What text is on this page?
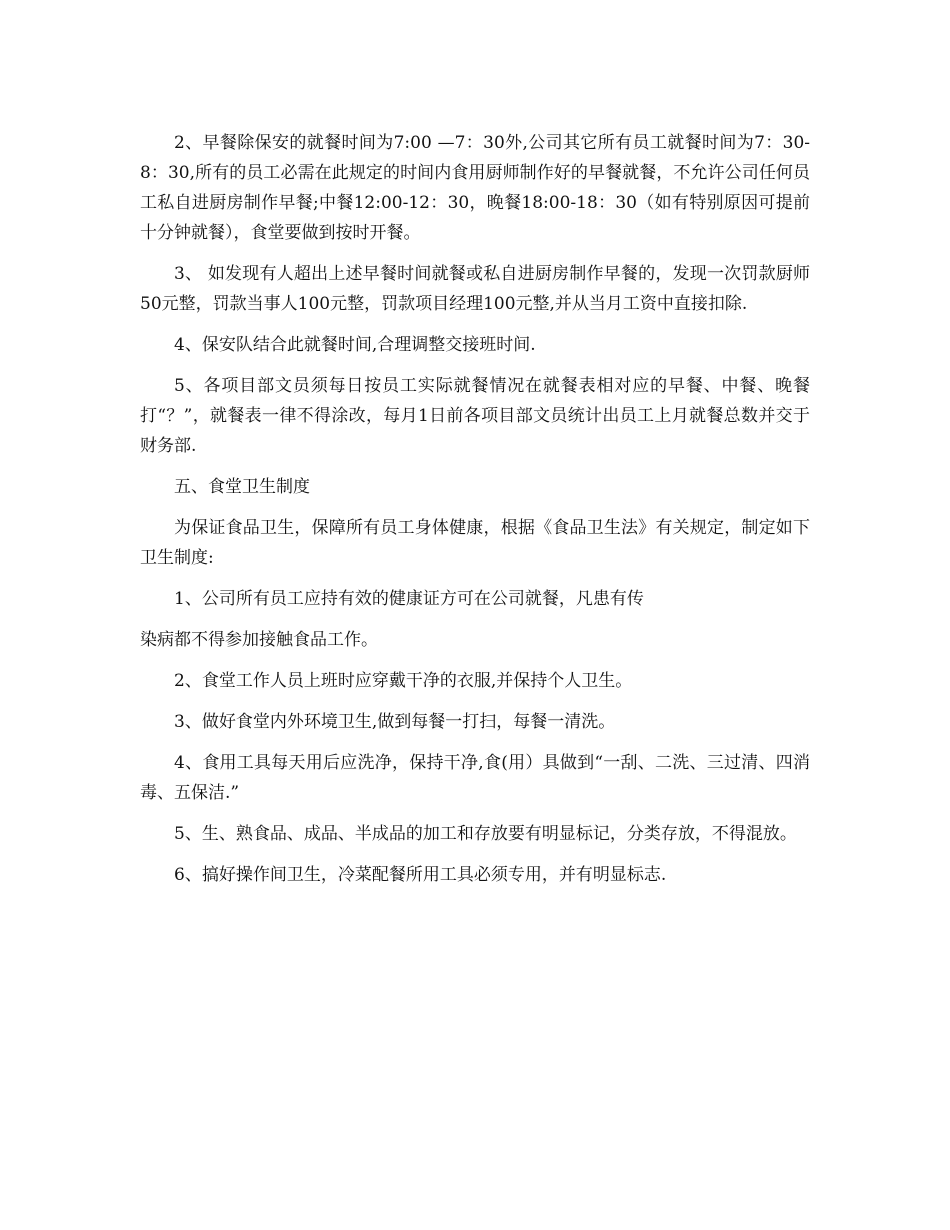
2、早餐除保安的就餐时间为7:00 —7：30外,公司其它所有员工就餐时间为7：30-8：30,所有的员工必需在此规定的时间内食用厨师制作好的早餐就餐，不允许公司任何员工私自进厨房制作早餐;中餐12:00-12：30，晚餐18:00-18：30（如有特别原因可提前十分钟就餐），食堂要做到按时开餐。

3、 如发现有人超出上述早餐时间就餐或私自进厨房制作早餐的，发现一次罚款厨师50元整，罚款当事人100元整，罚款项目经理100元整,并从当月工资中直接扣除.

4、保安队结合此就餐时间,合理调整交接班时间.

5、各项目部文员须每日按员工实际就餐情况在就餐表相对应的早餐、中餐、晚餐打“？”，就餐表一律不得涂改，每月1日前各项目部文员统计出员工上月就餐总数并交于财务部.

五、食堂卫生制度

为保证食品卫生，保障所有员工身体健康，根据《食品卫生法》有关规定，制定如下卫生制度:

1、公司所有员工应持有效的健康证方可在公司就餐，凡患有传

染病都不得参加接触食品工作。

2、食堂工作人员上班时应穿戴干净的衣服,并保持个人卫生。

3、做好食堂内外环境卫生,做到每餐一打扫，每餐一清洗。

4、食用工具每天用后应洗净，保持干净,食(用）具做到“一刮、二洗、三过清、四消毒、五保洁.”

5、生、熟食品、成品、半成品的加工和存放要有明显标记，分类存放，不得混放。

6、搞好操作间卫生，冷菜配餐所用工具必须专用，并有明显标志.
